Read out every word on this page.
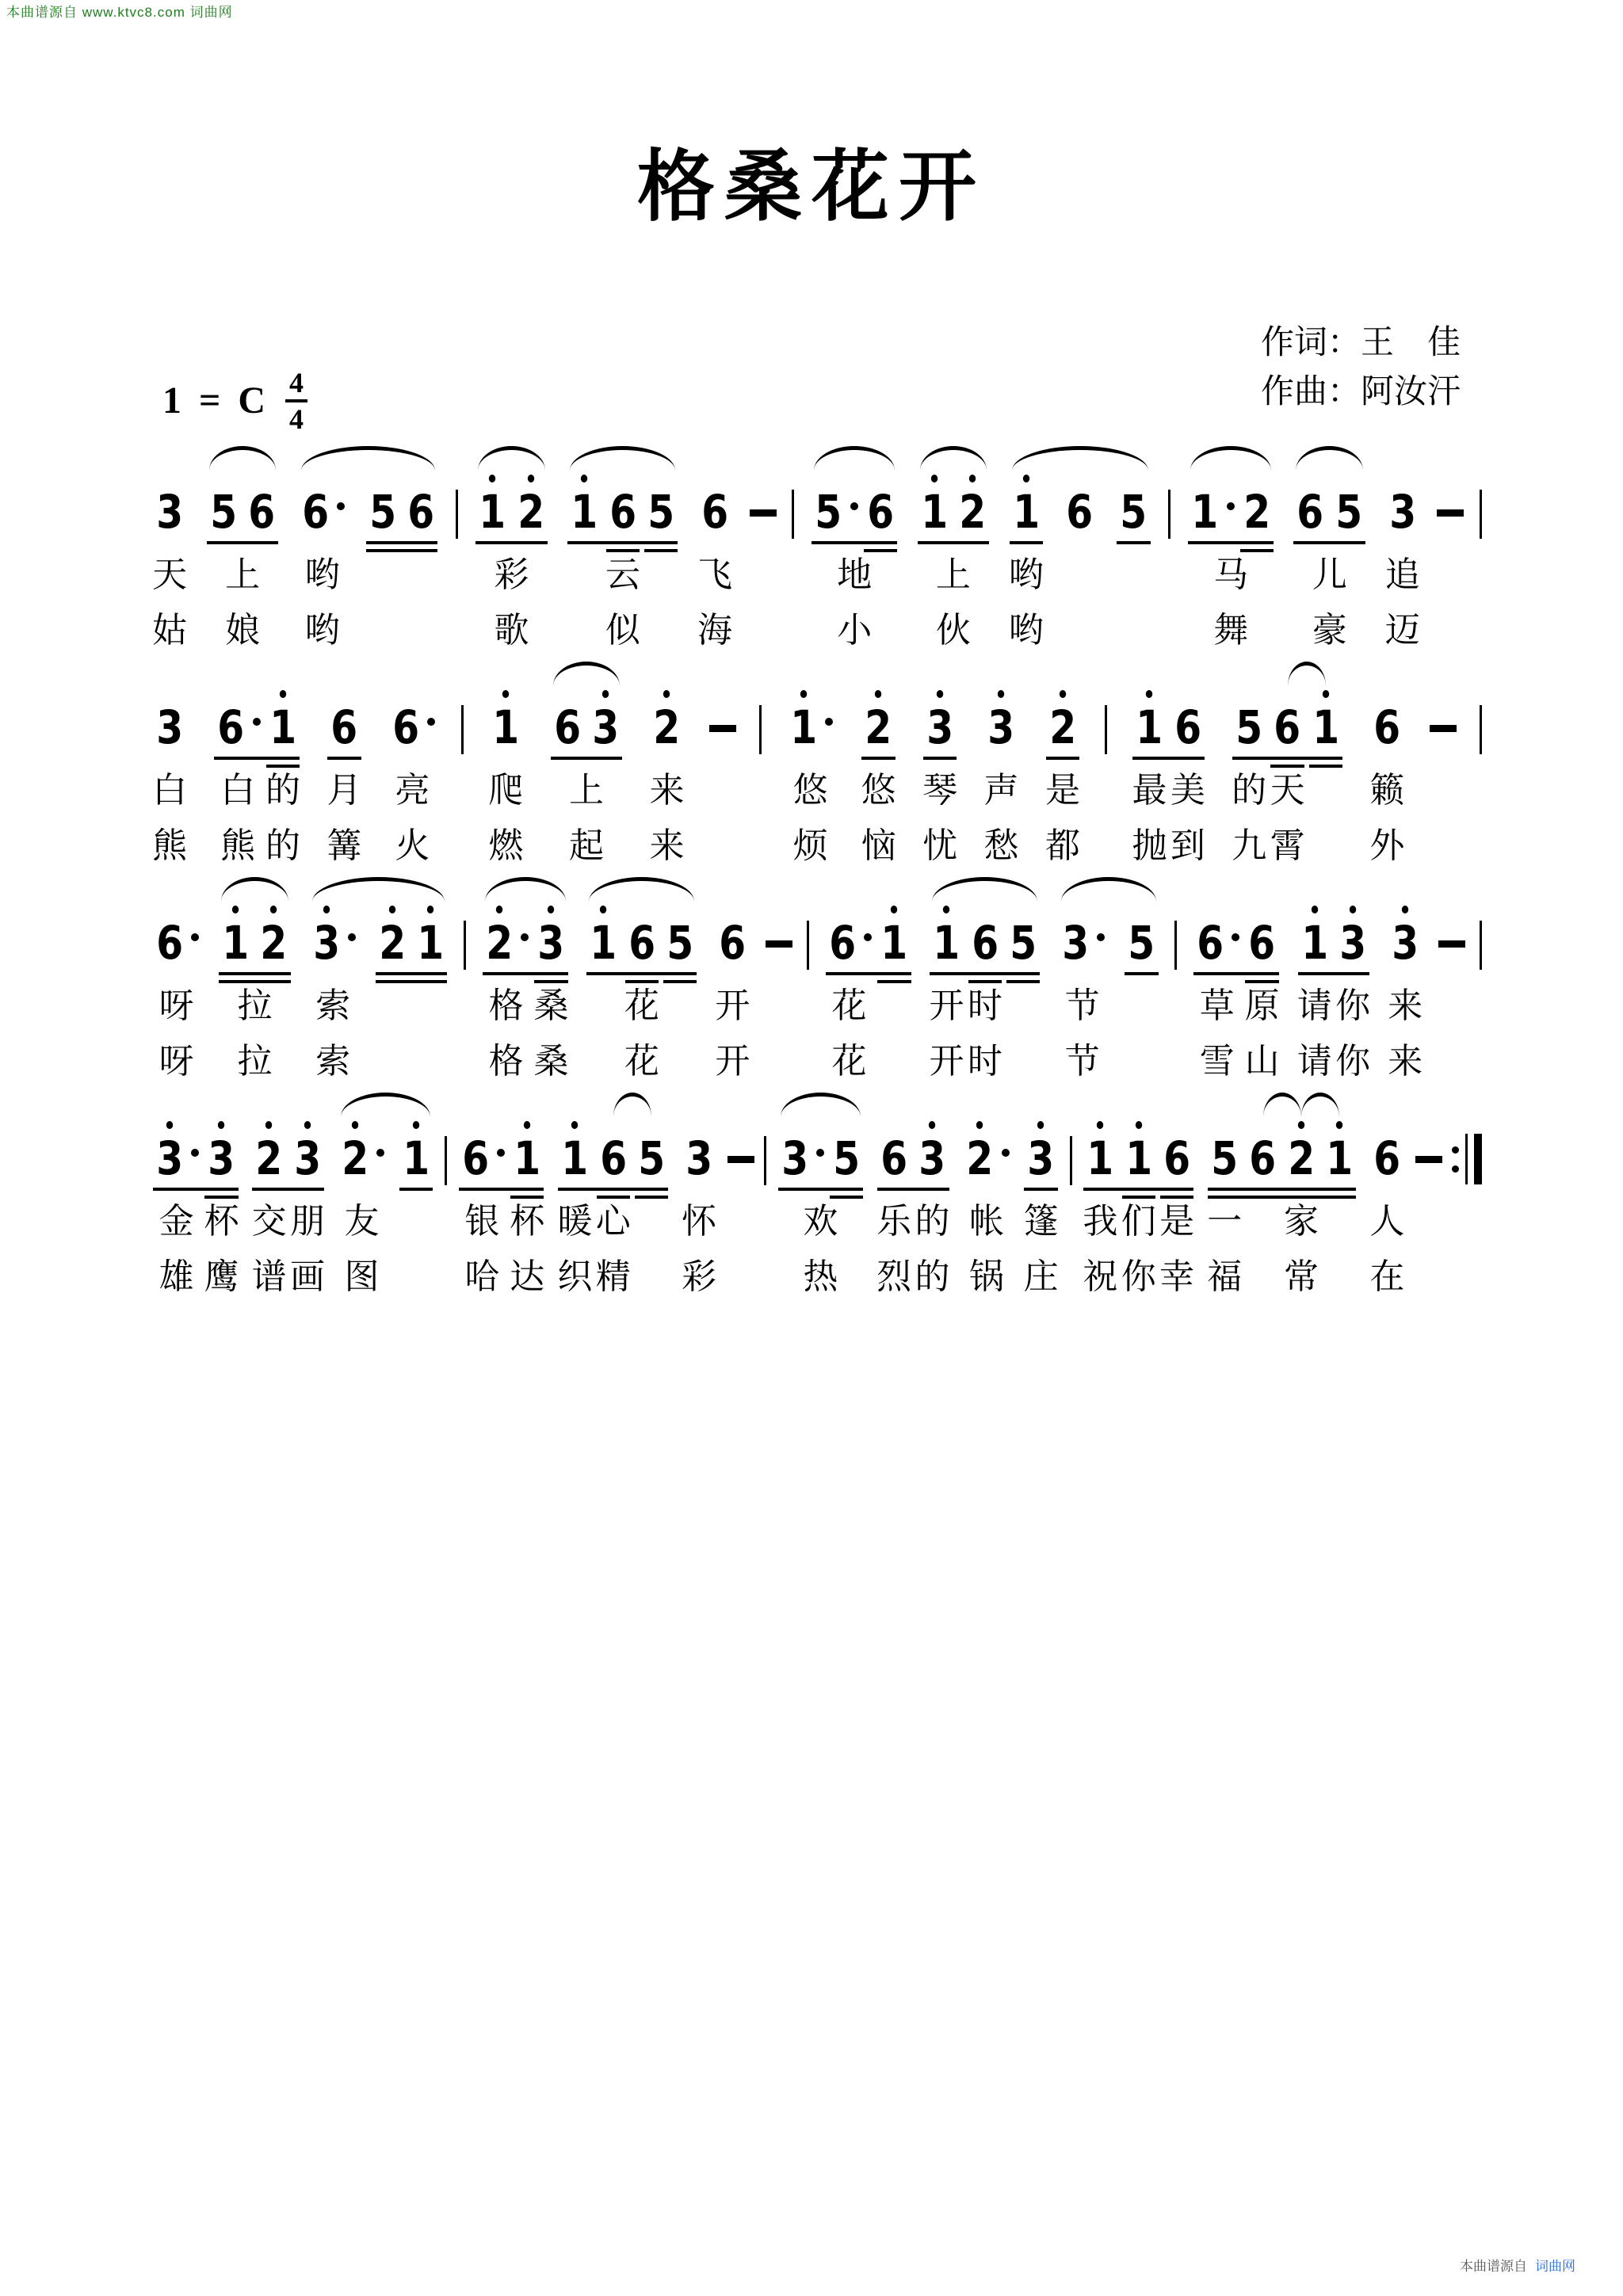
本曲谱源自 www.ktvc8.com 词曲网
格桑花开
作词：王　佳
作曲：阿汝汗
1 = C $\frac{4}{4}$
3 5 6 6 5 6 1 2 1 6 5 6 5 6 1 2 1 6 5 1 2 6 5 3
天 上 哟	彩 云 飞	地 上 哟	马 儿 追
姑 娘 哟	歌 似 海	小 伙 哟	舞 豪 迈
3 6 1 6 6	1 6 3 2 1	2 3 3 2 1 6 5 6 1 6
白 白 的 月 亮 爬 上 来	悠 悠 琴 声 是 最 美 的 天 籁
熊 熊 的 篝 火 燃 起 来	烦 恼 忧 愁 都 抛 到 九 霄 外
6 1 2 3 2 1 2 3 1 6 5 6 6 1 1 6 5 3 5 6 6 1 3 3
呀 拉 索	格 桑 花 开 花 开 时 节	草 原 请 你 来
呀 拉 索	格 桑 花 开 花 开 时 节	雪 山 请 你 来
3 3 2 3 2 1 6 1 1 6 5 3 3 5 6 3 2 3 1 1 6 5 6 2 1 6
金 杯 交 朋 友 银 杯 暖 心 怀 欢 乐 的 帐 篷 我 们 是 一 家 人
雄 鹰 谱 画 图 哈 达 织 精 彩 热 烈 的 锅 庄 祝 你 幸 福 常 在
本曲谱源自 词曲网
